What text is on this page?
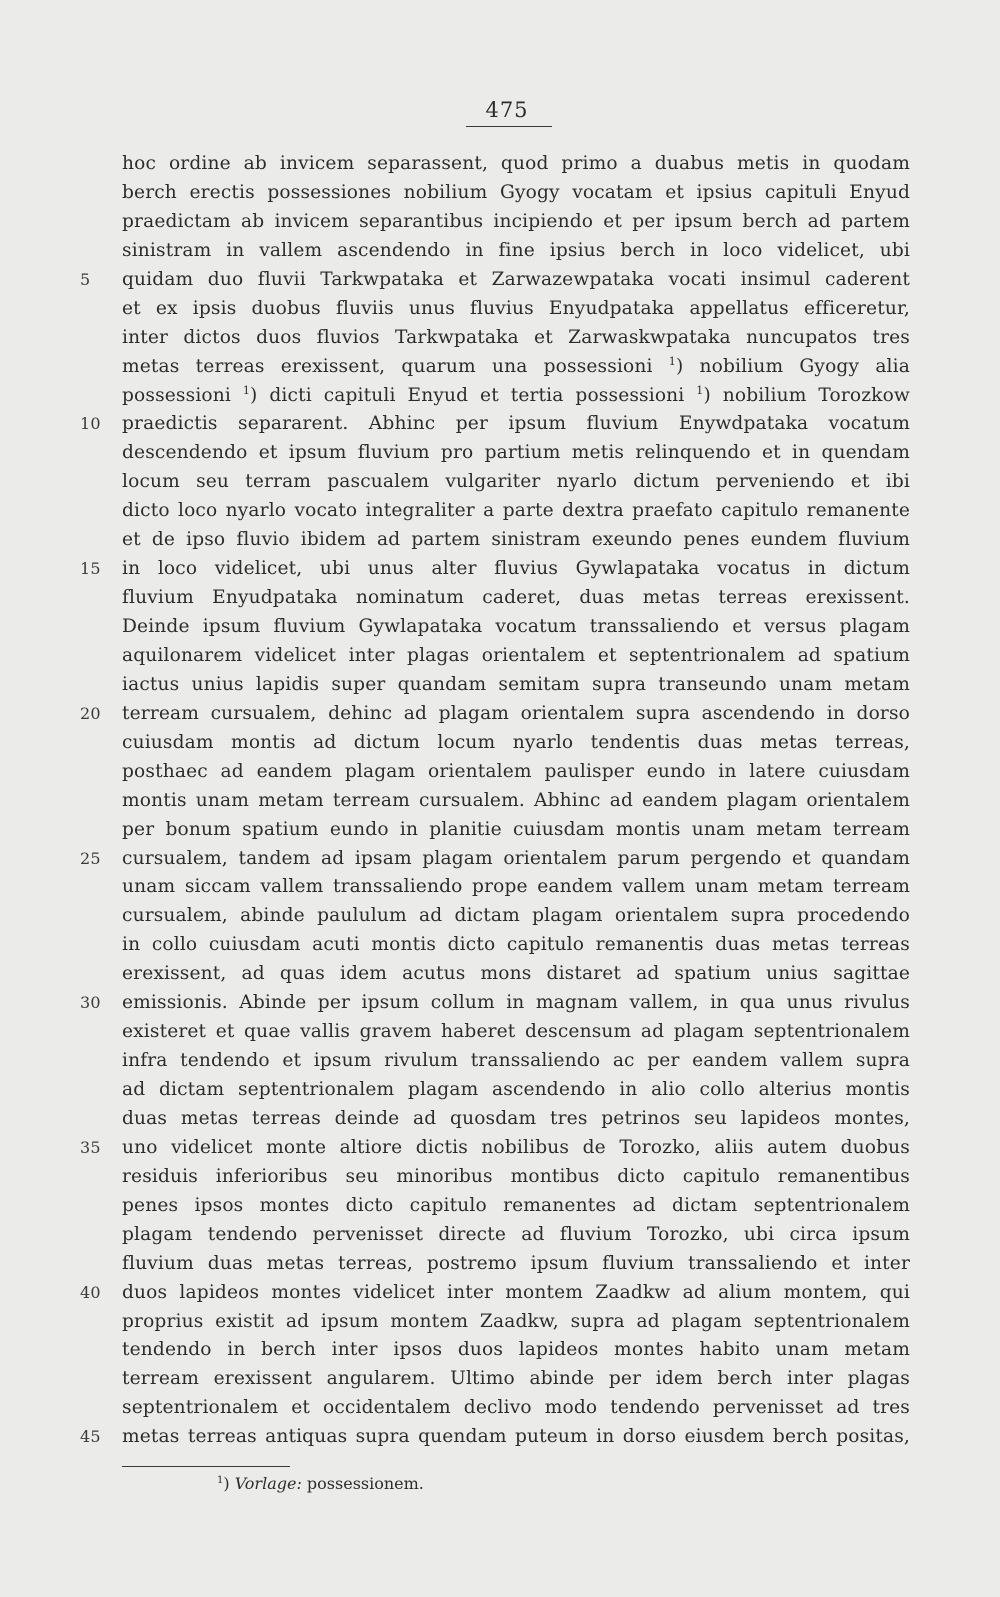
475
hoc ordine ab invicem separassent, quod primo a duabus metis in quodam
berch erectis possessiones nobilium Gyogy vocatam et ipsius capituli Enyud
praedictam ab invicem separantibus incipiendo et per ipsum berch ad partem
sinistram in vallem ascendendo in fine ipsius berch in loco videlicet, ubi
5	quidam duo fluvii Tarkwpataka et Zarwazewpataka vocati insimul caderent
et ex ipsis duobus fluviis unus fluvius Enyudpataka appellatus efficeretur,
inter dictos duos fluvios Tarkwpataka et Zarwaskwpataka nuncupatos tres
metas terreas erexissent, quarum una possessioni $^1$) nobilium Gyogy alia
possessioni $^1$) dicti capituli Enyud et tertia possessioni $^1$) nobilium Torozkow
10 praedictis separarent. Abhinc per ipsum fluvium Enywdpataka vocatum
descendendo et ipsum fluvium pro partium metis relinquendo et in quendam
locum seu terram pascualem vulgariter nyarlo dictum perveniendo et ibi
dicto loco nyarlo vocato integraliter a parte dextra praefato capitulo remanente
et de ipso fluvio ibidem ad partem sinistram exeundo penes eundem fluvium
15 in loco videlicet, ubi unus alter fluvius Gywlapataka vocatus in dictum
fluvium Enyudpataka nominatum caderet, duas metas terreas erexissent.
Deinde ipsum fluvium Gywlapataka vocatum transsaliendo et versus plagam
aquilonarem videlicet inter plagas orientalem et septentrionalem ad spatium
iactus unius lapidis super quandam semitam supra transeundo unam metam
20 terream cursualem, dehinc ad plagam orientalem supra ascendendo in dorso
cuiusdam montis ad dictum locum nyarlo tendentis duas metas terreas,
posthaec ad eandem plagam orientalem paulisper eundo in latere cuiusdam
montis unam metam terream cursualem. Abhinc ad eandem plagam orientalem
per bonum spatium eundo in planitie cuiusdam montis unam metam terream
25 cursualem, tandem ad ipsam plagam orientalem parum pergendo et quandam
unam siccam vallem transsaliendo prope eandem vallem unam metam terream
cursualem, abinde paululum ad dictam plagam orientalem supra procedendo
in collo cuiusdam acuti montis dicto capitulo remanentis duas metas terreas
erexissent, ad quas idem acutus mons distaret ad spatium unius sagittae
30 emissionis. Abinde per ipsum collum in magnam vallem, in qua unus rivulus
existeret et quae vallis gravem haberet descensum ad plagam septentrionalem
infra tendendo et ipsum rivulum transsaliendo ac per eandem vallem supra
ad dictam septentrionalem plagam ascendendo in alio collo alterius montis
duas metas terreas deinde ad quosdam tres petrinos seu lapideos montes,
35 uno videlicet monte altiore dictis nobilibus de Torozko, aliis autem duobus
residuis inferioribus seu minoribus montibus dicto capitulo remanentibus
penes ipsos montes dicto capitulo remanentes ad dictam septentrionalem
plagam tendendo pervenisset directe ad fluvium Torozko, ubi circa ipsum
fluvium duas metas terreas, postremo ipsum fluvium transsaliendo et inter
40 duos lapideos montes videlicet inter montem Zaadkw ad alium montem, qui
proprius existit ad ipsum montem Zaadkw, supra ad plagam septentrionalem
tendendo in berch inter ipsos duos lapideos montes habito unam metam
terream erexissent angularem. Ultimo abinde per idem berch inter plagas
septentrionalem et occidentalem declivo modo tendendo pervenisset ad tres
45 metas terreas antiquas supra quendam puteum in dorso eiusdem berch positas,
$^1$) Vorlage: possessionem.
